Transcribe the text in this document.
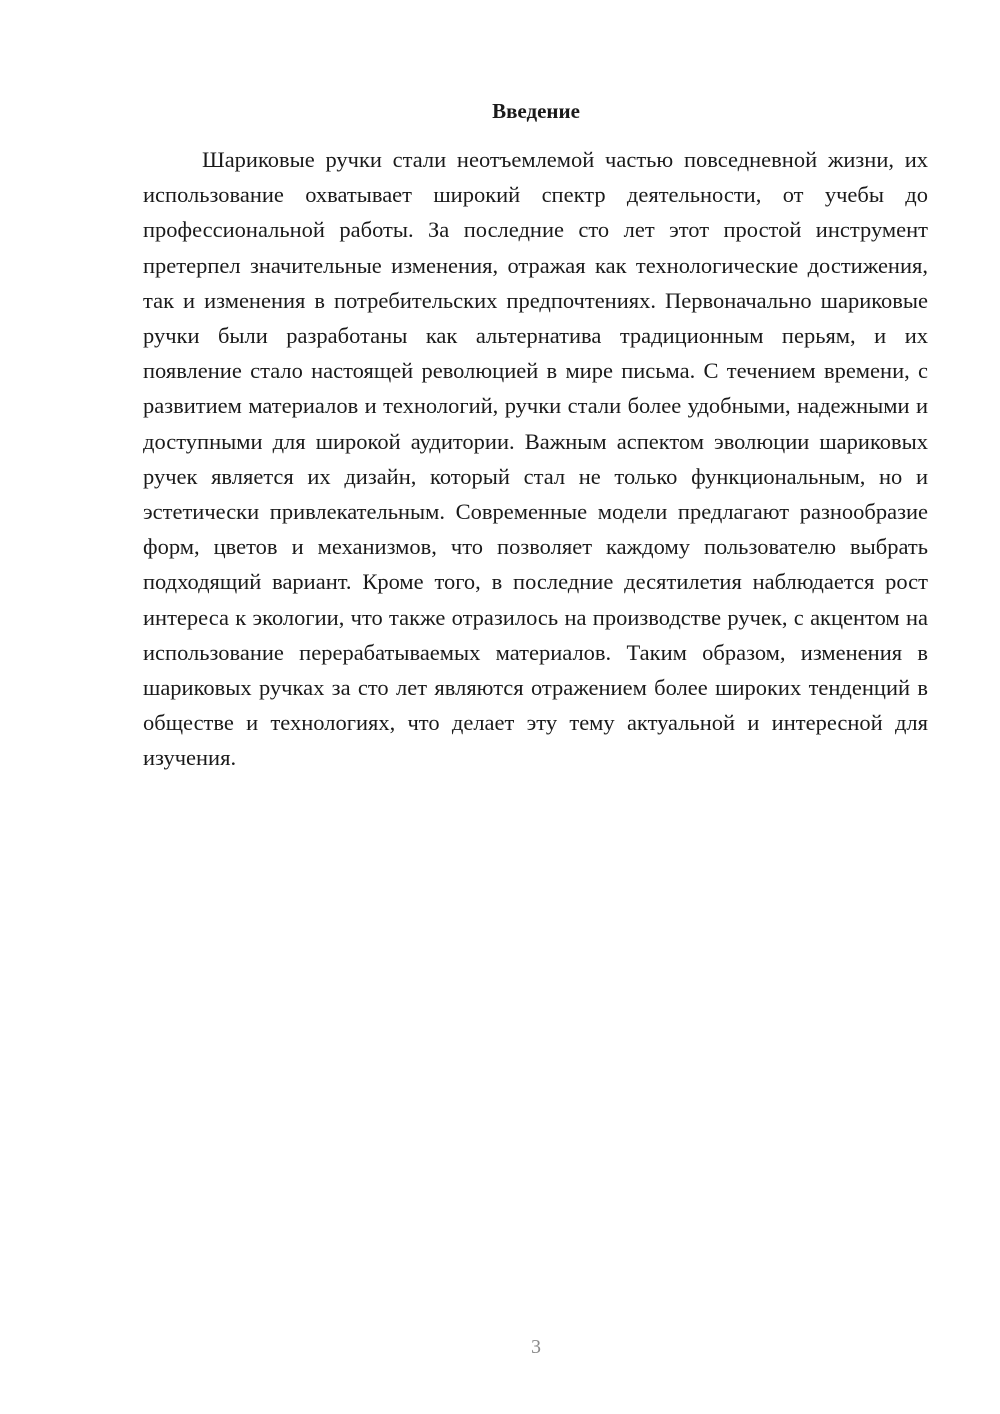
Введение

Шариковые ручки стали неотъемлемой частью повседневной жизни, их использование охватывает широкий спектр деятельности, от учебы до профессиональной работы. За последние сто лет этот простой инструмент претерпел значительные изменения, отражая как технологические достижения, так и изменения в потребительских предпочтениях. Первоначально шариковые ручки были разработаны как альтернатива традиционным перьям, и их появление стало настоящей революцией в мире письма. С течением времени, с развитием материалов и технологий, ручки стали более удобными, надежными и доступными для широкой аудитории. Важным аспектом эволюции шариковых ручек является их дизайн, который стал не только функциональным, но и эстетически привлекательным. Современные модели предлагают разнообразие форм, цветов и механизмов, что позволяет каждому пользователю выбрать подходящий вариант. Кроме того, в последние десятилетия наблюдается рост интереса к экологии, что также отразилось на производстве ручек, с акцентом на использование перерабатываемых материалов. Таким образом, изменения в шариковых ручках за сто лет являются отражением более широких тенденций в обществе и технологиях, что делает эту тему актуальной и интересной для изучения.

3
